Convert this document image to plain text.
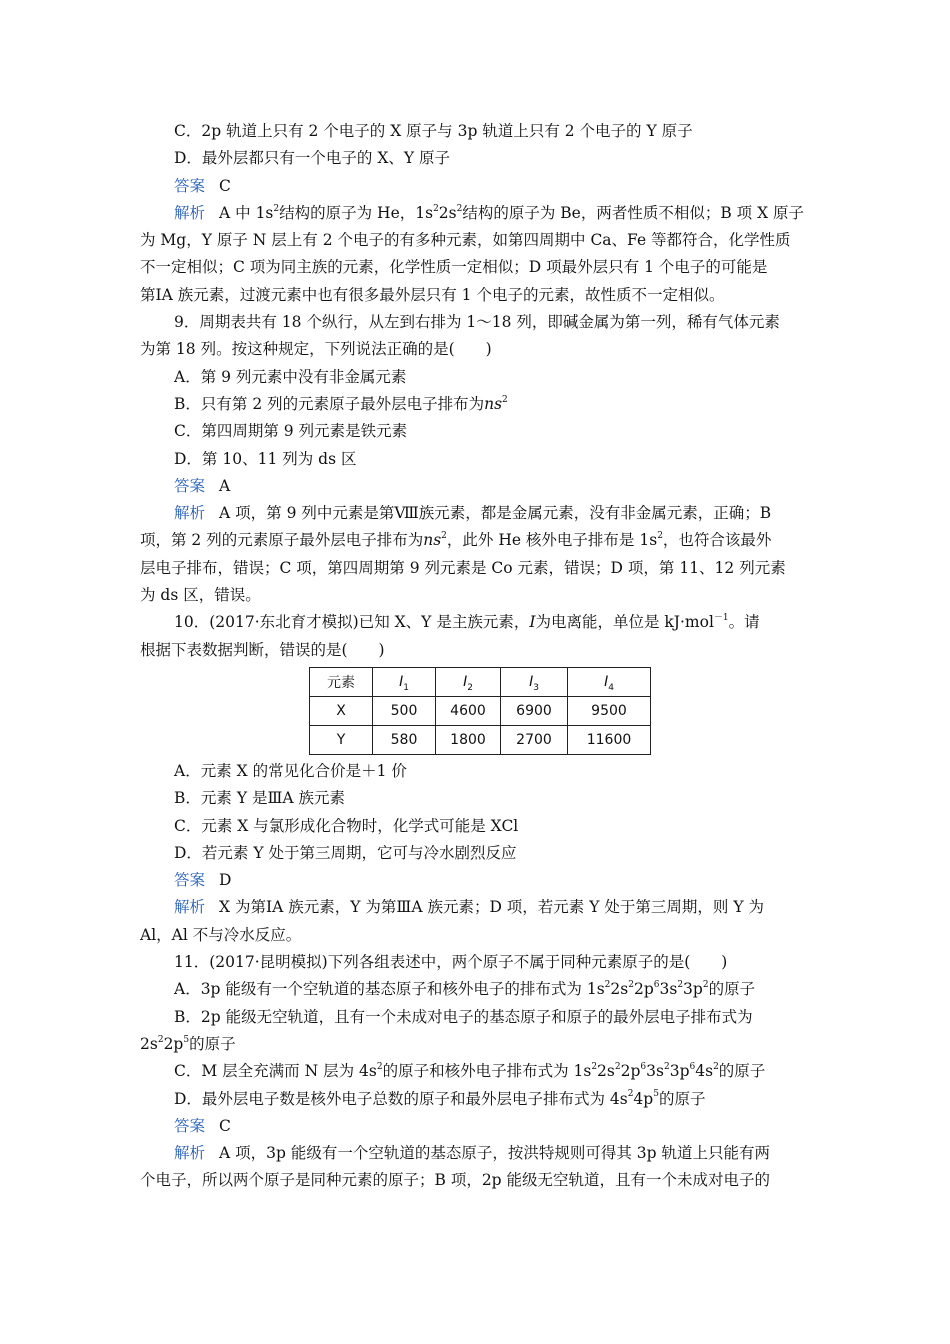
C．2p 轨道上只有 2 个电子的 X 原子与 3p 轨道上只有 2 个电子的 Y 原子
D．最外层都只有一个电子的 X、Y 原子
答案 C
解析 A 中 $1s^2$结构的原子为 He，$1s^22s^2$结构的原子为 Be，两者性质不相似；B 项 X 原子
为 Mg，Y 原子 N 层上有 2 个电子的有多种元素，如第四周期中 Ca、Fe 等都符合，化学性质
不一定相似；C 项为同主族的元素，化学性质一定相似；D 项最外层只有 1 个电子的可能是
第ⅠA 族元素，过渡元素中也有很多最外层只有 1 个电子的元素，故性质不一定相似。
9．周期表共有 18 个纵行，从左到右排为 1～18 列，即碱金属为第一列，稀有气体元素
为第 18 列。按这种规定，下列说法正确的是(　　)
A．第 9 列元素中没有非金属元素
B．只有第 2 列的元素原子最外层电子排布为$ns^2$
C．第四周期第 9 列元素是铁元素
D．第 10、11 列为 ds 区
答案 A
解析 A 项，第 9 列中元素是第Ⅷ族元素，都是金属元素，没有非金属元素，正确；B
项，第 2 列的元素原子最外层电子排布为$ns^2$，此外 He 核外电子排布是 $1s^2$，也符合该最外
层电子排布，错误；C 项，第四周期第 9 列元素是 Co 元素，错误；D 项，第 11、12 列元素
为 ds 区，错误。
10．(2017·东北育才模拟)已知 X、Y 是主族元素，I为电离能，单位是 kJ·mol$^{-1}$。请
根据下表数据判断，错误的是(　　)
元素	$I_1$	$I_2$	$I_3$	$I_4$
X	500	4600	6900	9500
Y	580	1800	2700	11600
A．元素 X 的常见化合价是＋1 价
B．元素 Y 是ⅢA 族元素
C．元素 X 与氯形成化合物时，化学式可能是 XCl
D．若元素 Y 处于第三周期，它可与冷水剧烈反应
答案 D
解析 X 为第ⅠA 族元素，Y 为第ⅢA 族元素；D 项，若元素 Y 处于第三周期，则 Y 为
Al，Al 不与冷水反应。
11．(2017·昆明模拟)下列各组表述中，两个原子不属于同种元素原子的是(　　)
A．3p 能级有一个空轨道的基态原子和核外电子的排布式为 $1s^22s^22p^63s^23p^2$的原子
B．2p 能级无空轨道，且有一个未成对电子的基态原子和原子的最外层电子排布式为
$2s^22p^5$的原子
C．M 层全充满而 N 层为 $4s^2$的原子和核外电子排布式为 $1s^22s^22p^63s^23p^64s^2$的原子
D．最外层电子数是核外电子总数的原子和最外层电子排布式为 $4s^24p^5$的原子
答案 C
解析 A 项，3p 能级有一个空轨道的基态原子，按洪特规则可得其 3p 轨道上只能有两
个电子，所以两个原子是同种元素的原子；B 项，2p 能级无空轨道，且有一个未成对电子的
